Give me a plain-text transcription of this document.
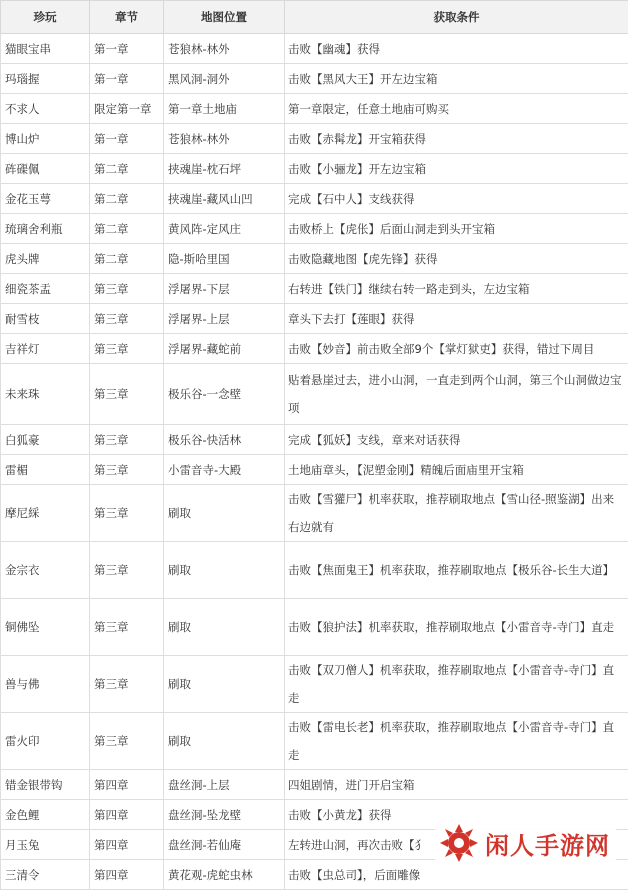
珍玩	章节	地图位置	获取条件
猫眼宝串	第一章	苍狼林-林外	击败【幽魂】获得
玛瑙握	第一章	黑风洞-洞外	击败【黑风大王】开左边宝箱
不求人	限定第一章	第一章土地庙	第一章限定，任意土地庙可购买
博山炉	第一章	苍狼林-林外	击败【赤髯龙】开宝箱获得
砗磲佩	第二章	挟魂崖-枕石坪	击败【小骊龙】开左边宝箱
金花玉萼	第二章	挟魂崖-藏风山凹	完成【石中人】支线获得
琉璃舍利瓶	第二章	黄风阵-定风庄	击败桥上【虎伥】后面山洞走到头开宝箱
虎头牌	第二章	隐-斯哈里国	击败隐藏地图【虎先锋】获得
细瓷茶盂	第三章	浮屠界-下层	右转进【铁门】继续右转一路走到头，左边宝箱
耐雪枝	第三章	浮屠界-上层	章头下去打【莲眼】获得
吉祥灯	第三章	浮屠界-藏蛇前	击败【妙音】前击败全部9个【掌灯狱吏】获得，错过下周目
未来珠	第三章	极乐谷-一念壁	贴着悬崖过去，进小山洞，一直走到两个山洞，第三个山洞做边宝项
白狐豪	第三章	极乐谷-快活林	完成【狐妖】支线，章来对话获得
雷楣	第三章	小雷音寺-大殿	土地庙章头，【泥塑金刚】精魄后面庙里开宝箱
摩尼綵	第三章	刷取	击败【雪獾尸】机率获取，推荐刷取地点【雪山径-照鉴湖】出来右边就有
金宗衣	第三章	刷取	击败【焦面鬼王】机率获取，推荐刷取地点【极乐谷-长生大道】
铜佛坠	第三章	刷取	击败【狼护法】机率获取，推荐刷取地点【小雷音寺-寺门】直走
兽与佛	第三章	刷取	击败【双刀僧人】机率获取，推荐刷取地点【小雷音寺-寺门】直走
雷火印	第三章	刷取	击败【雷电长老】机率获取，推荐刷取地点【小雷音寺-寺门】直走
错金银带钩	第四章	盘丝洞-上层	四姐剧情，进门开启宝箱
金色鲤	第四章	盘丝洞-坠龙壁	击败【小黄龙】获得
月玉兔	第四章	盘丝洞-若仙庵	左转进山洞，再次击败【犭
三清令	第四章	黄花观-虎蛇虫林	击败【虫总司】，后面雕像
闲人手游网
